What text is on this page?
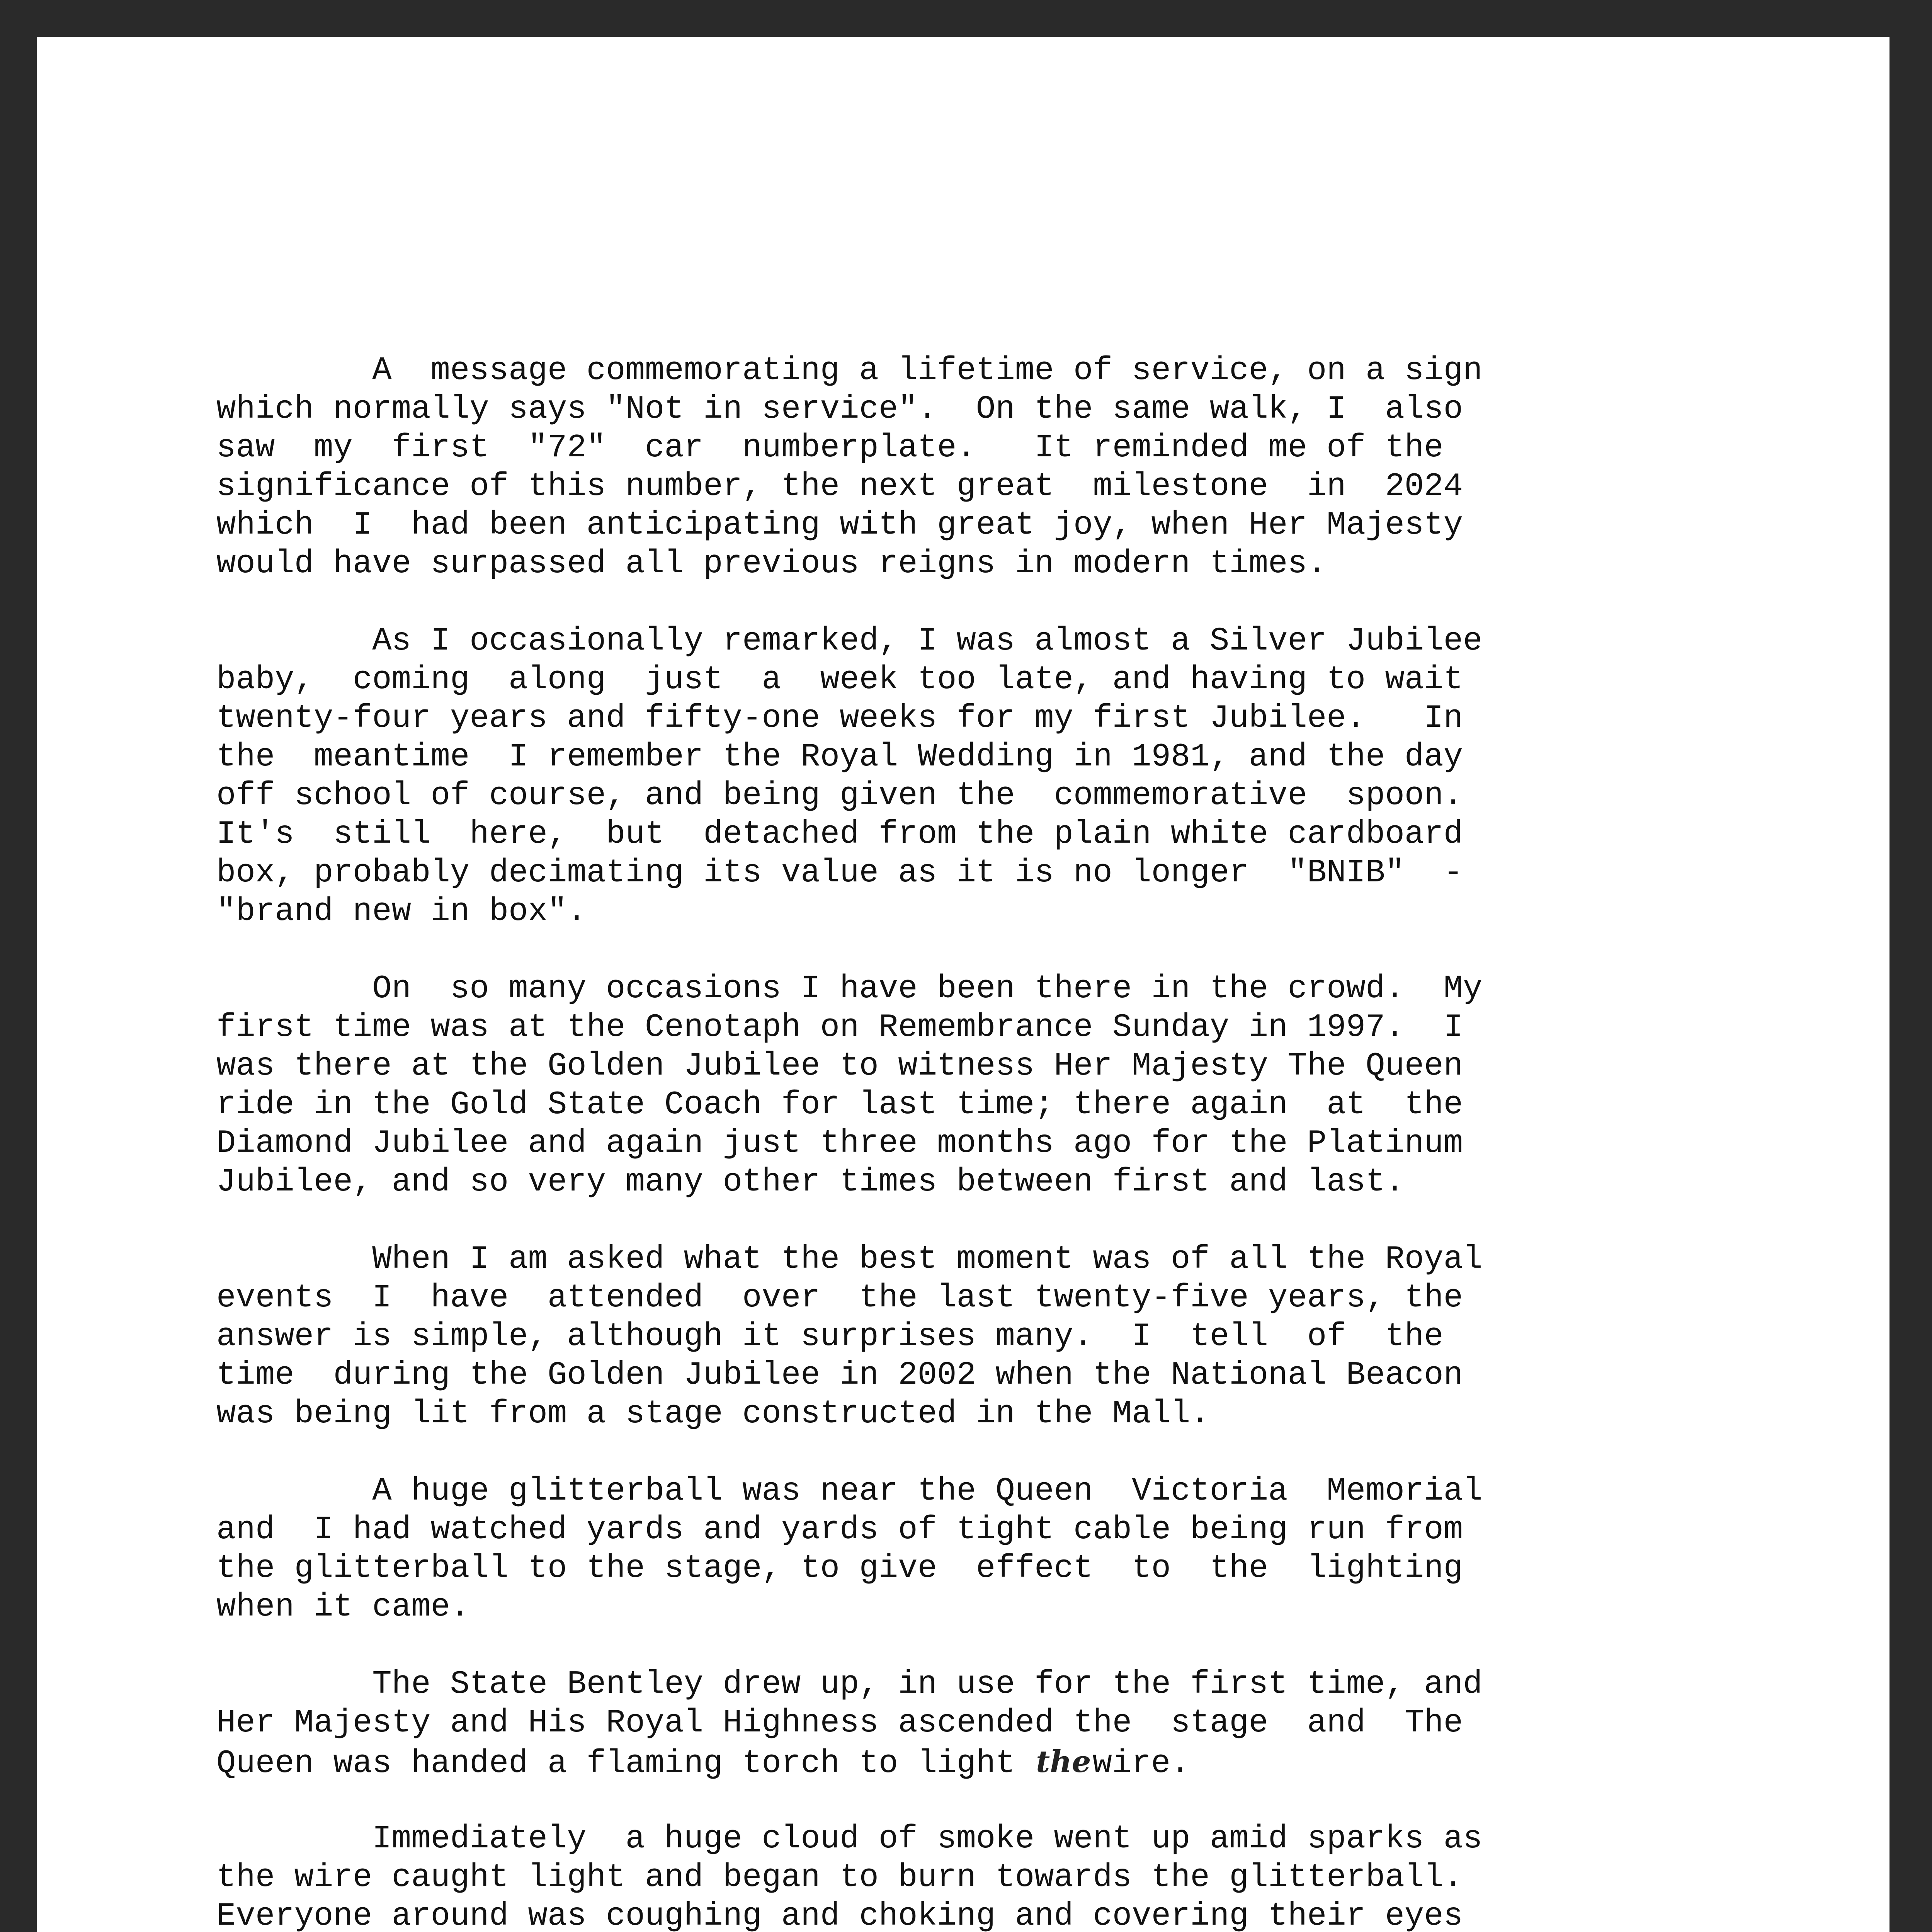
A  message commemorating a lifetime of service, on a sign
which normally says "Not in service".  On the same walk, I  also
saw  my  first  "72"  car  numberplate.   It reminded me of the
significance of this number, the next great  milestone  in  2024
which  I  had been anticipating with great joy, when Her Majesty
would have surpassed all previous reigns in modern times.
As I occasionally remarked, I was almost a Silver Jubilee
baby,  coming  along  just  a  week too late, and having to wait
twenty-four years and fifty-one weeks for my first Jubilee.   In
the  meantime  I remember the Royal Wedding in 1981, and the day
off school of course, and being given the  commemorative  spoon.
It's  still  here,  but  detached from the plain white cardboard
box, probably decimating its value as it is no longer  "BNIB"  -
"brand new in box".
On  so many occasions I have been there in the crowd.  My
first time was at the Cenotaph on Remembrance Sunday in 1997.  I
was there at the Golden Jubilee to witness Her Majesty The Queen
ride in the Gold State Coach for last time; there again  at  the
Diamond Jubilee and again just three months ago for the Platinum
Jubilee, and so very many other times between first and last.
When I am asked what the best moment was of all the Royal
events  I  have  attended  over  the last twenty-five years, the
answer is simple, although it surprises many.  I  tell  of  the
time  during the Golden Jubilee in 2002 when the National Beacon
was being lit from a stage constructed in the Mall.
A huge glitterball was near the Queen  Victoria  Memorial
and  I had watched yards and yards of tight cable being run from
the glitterball to the stage, to give  effect  to  the  lighting
when it came.
The State Bentley drew up, in use for the first time, and
Her Majesty and His Royal Highness ascended the  stage  and  The
Queen was handed a flaming torch to light thewire.
Immediately  a huge cloud of smoke went up amid sparks as
the wire caught light and began to burn towards the glitterball.
Everyone around was coughing and choking and covering their eyes
